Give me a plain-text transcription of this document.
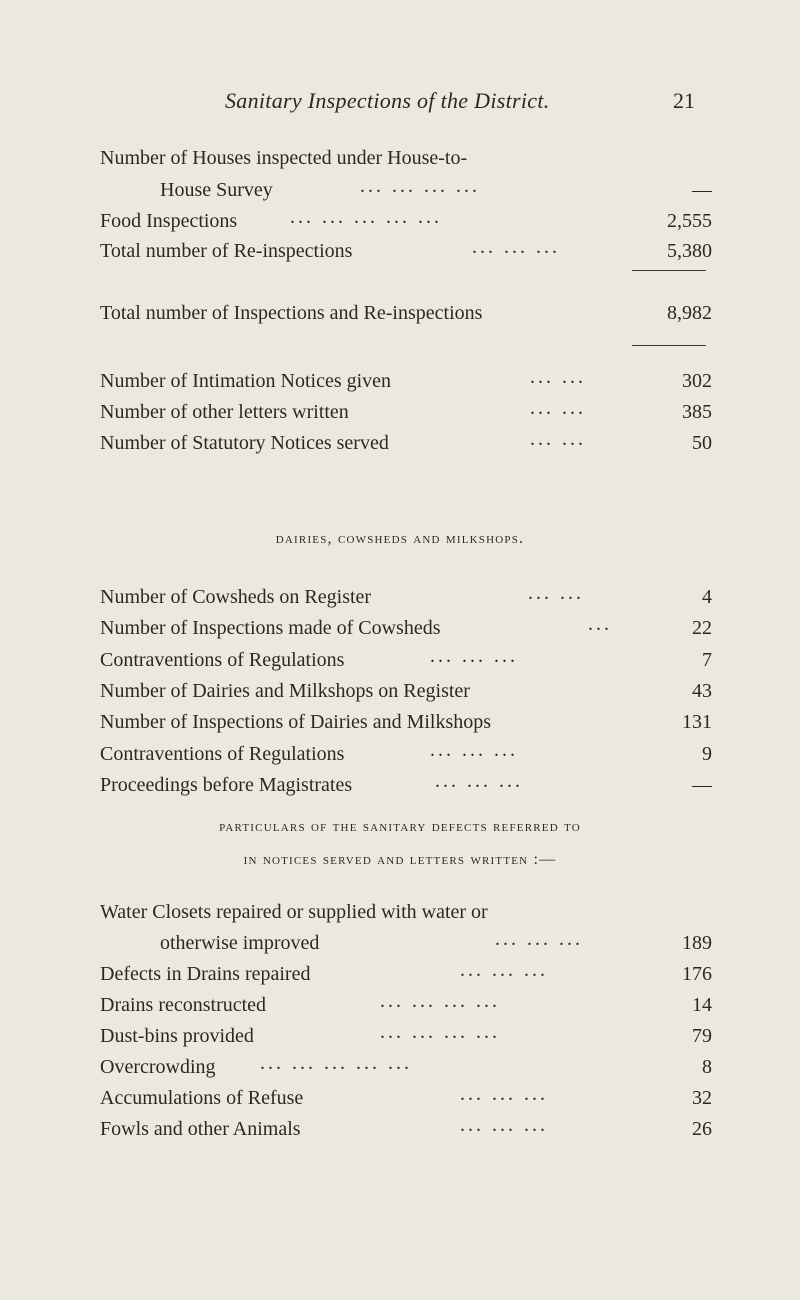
Sanitary Inspections of the District.	21
Number of Houses inspected under House-to-
House Survey	... ... ... ...	—
Food Inspections	... ... ... ... ...	2,555
Total number of Re-inspections	... ... ...	5,380
Total number of Inspections and Re-inspections	8,982
Number of Intimation Notices given	... ...	302
Number of other letters written	... ...	385
Number of Statutory Notices served	... ...	50
dairies, cowsheds and milkshops.
Number of Cowsheds on Register	... ...	4
Number of Inspections made of Cowsheds	...	22
Contraventions of Regulations	... ... ...	7
Number of Dairies and Milkshops on Register	43
Number of Inspections of Dairies and Milkshops	131
Contraventions of Regulations	... ... ...	9
Proceedings before Magistrates	... ... ...	—
particulars of the sanitary defects referred to
in notices served and letters written :—
Water Closets repaired or supplied with water or
otherwise improved	... ... ...	189
Defects in Drains repaired	... ... ...	176
Drains reconstructed	... ... ... ...	14
Dust-bins provided	... ... ... ...	79
Overcrowding ... ... ... ... ...	8
Accumulations of Refuse	... ... ...	32
Fowls and other Animals	... ... ...	26
